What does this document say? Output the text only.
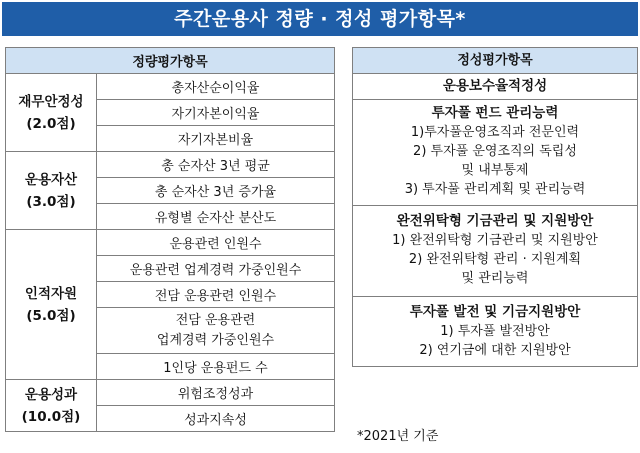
주간운용사 정량 · 정성 평가항목*
정량평가항목	

재무안정성
(2.0점)	총자산순이익율
	자기자본이익율
	자기자본비율

운용자산
(3.0점)	총 순자산 3년 평균
	총 순자산 3년 증가율
	유형별 순자산 분산도

인적자원
(5.0점)	운용관련 인원수
	운용관련 업계경력 가중인원수
	전담 운용관련 인원수

	전담 운용관련
업계경력 가중인원수

	1인당 운용펀드 수

운용성과
(10.0점)	위험조정성과
	성과지속성
정성평가항목
운용보수율적정성
투자풀 펀드 관리능력
1)투자풀운영조직과 전문인력
2) 투자풀 운영조직의 독립성
및 내부통제
3) 투자풀 관리계획 및 관리능력
완전위탁형 기금관리 및 지원방안
1) 완전위탁형 기금관리 및 지원방안
2) 완전위탁형 관리 · 지원계획
및 관리능력
투자풀 발전 및 기금지원방안
1) 투자풀 발전방안
2) 연기금에 대한 지원방안
*2021년 기준
